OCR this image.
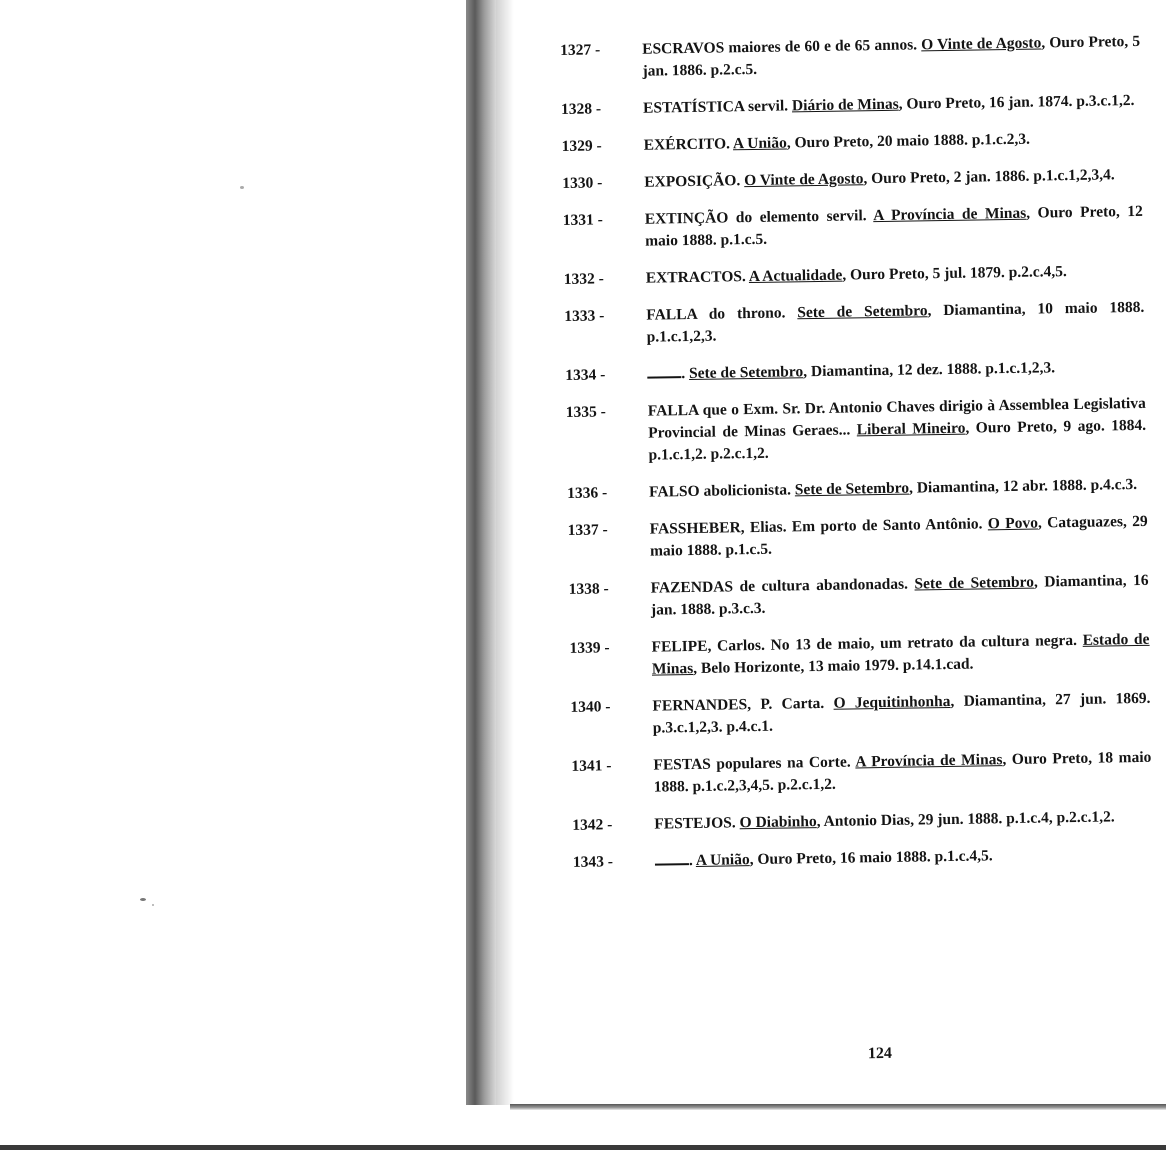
1327 -	ESCRAVOS maiores de 60 e de 65 annos. O Vinte de Agosto, Ouro Preto, 5 jan. 1886. p.2.c.5.
1328 -	ESTATÍSTICA servil. Diário de Minas, Ouro Preto, 16 jan. 1874. p.3.c.1,2.
1329 -	EXÉRCITO. A União, Ouro Preto, 20 maio 1888. p.1.c.2,3.
1330 -	EXPOSIÇÃO. O Vinte de Agosto, Ouro Preto, 2 jan. 1886. p.1.c.1,2,3,4.
1331 -	EXTINÇÃO do elemento servil. A Província de Minas, Ouro Preto, 12 maio 1888. p.1.c.5.
1332 -	EXTRACTOS. A Actualidade, Ouro Preto, 5 jul. 1879. p.2.c.4,5.
1333 -	FALLA do throno. Sete de Setembro, Diamantina, 10 maio 1888. p.1.c.1,2,3.
1334 -	. Sete de Setembro, Diamantina, 12 dez. 1888. p.1.c.1,2,3.
1335 -	FALLA que o Exm. Sr. Dr. Antonio Chaves dirigio à Assemblea Legislativa Provincial de Minas Geraes... Liberal Mineiro, Ouro Preto, 9 ago. 1884. p.1.c.1,2. p.2.c.1,2.
1336 -	FALSO abolicionista. Sete de Setembro, Diamantina, 12 abr. 1888. p.4.c.3.
1337 -	FASSHEBER, Elias. Em porto de Santo Antônio. O Povo, Cataguazes, 29 maio 1888. p.1.c.5.
1338 -	FAZENDAS de cultura abandonadas. Sete de Setembro, Diamantina, 16 jan. 1888. p.3.c.3.
1339 -	FELIPE, Carlos. No 13 de maio, um retrato da cultura negra. Estado de Minas, Belo Horizonte, 13 maio 1979. p.14.1.cad.
1340 -	FERNANDES, P. Carta. O Jequitinhonha, Diamantina, 27 jun. 1869. p.3.c.1,2,3. p.4.c.1.
1341 -	FESTAS populares na Corte. A Província de Minas, Ouro Preto, 18 maio 1888. p.1.c.2,3,4,5. p.2.c.1,2.
1342 -	FESTEJOS. O Diabinho, Antonio Dias, 29 jun. 1888. p.1.c.4, p.2.c.1,2.
1343 -	. A União, Ouro Preto, 16 maio 1888. p.1.c.4,5.
124
